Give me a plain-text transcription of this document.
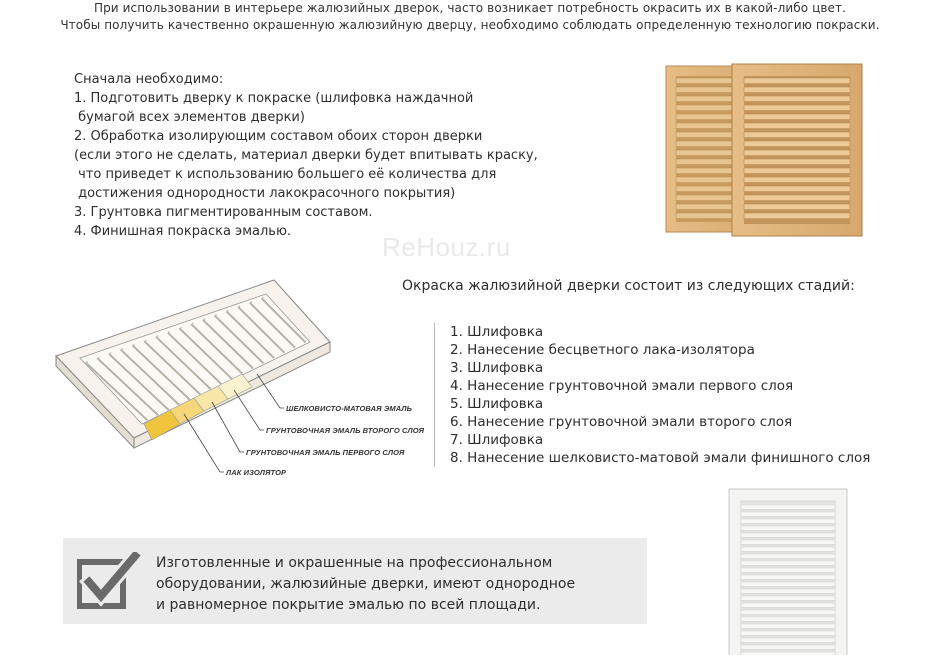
При использовании в интерьере жалюзийных дверок, часто возникает потребность окрасить их в какой-либо цвет.
Чтобы получить качественно окрашенную жалюзийную дверцу, необходимо соблюдать определенную технологию покраски.
Сначала необходимо:
1. Подготовить дверку к покраске (шлифовка наждачной
бумагой всех элементов дверки)
2. Обработка изолирующим составом обоих сторон дверки
(если этого не сделать, материал дверки будет впитывать краску,
что приведет к использованию большего её количества для
достижения однородности лакокрасочного покрытия)
3. Грунтовка пигментированным составом.
4. Финишная покраска эмалью.
ReHouz.ru
Окраска жалюзийной дверки состоит из следующих стадий:
1. Шлифовка
2. Нанесение бесцветного лака-изолятора
3. Шлифовка
4. Нанесение грунтовочной эмали первого слоя
5. Шлифовка
6. Нанесение грунтовочной эмали второго слоя
7. Шлифовка
8. Нанесение шелковисто-матовой эмали финишного слоя
ШЕЛКОВИСТО-МАТОВАЯ ЭМАЛЬ
ГРУНТОВОЧНАЯ ЭМАЛЬ ВТОРОГО СЛОЯ
ГРУНТОВОЧНАЯ ЭМАЛЬ ПЕРВОГО СЛОЯ
ЛАК ИЗОЛЯТОР
Изготовленные и окрашенные на профессиональном
оборудовании, жалюзийные дверки, имеют однородное
и равномерное покрытие эмалью по всей площади.
